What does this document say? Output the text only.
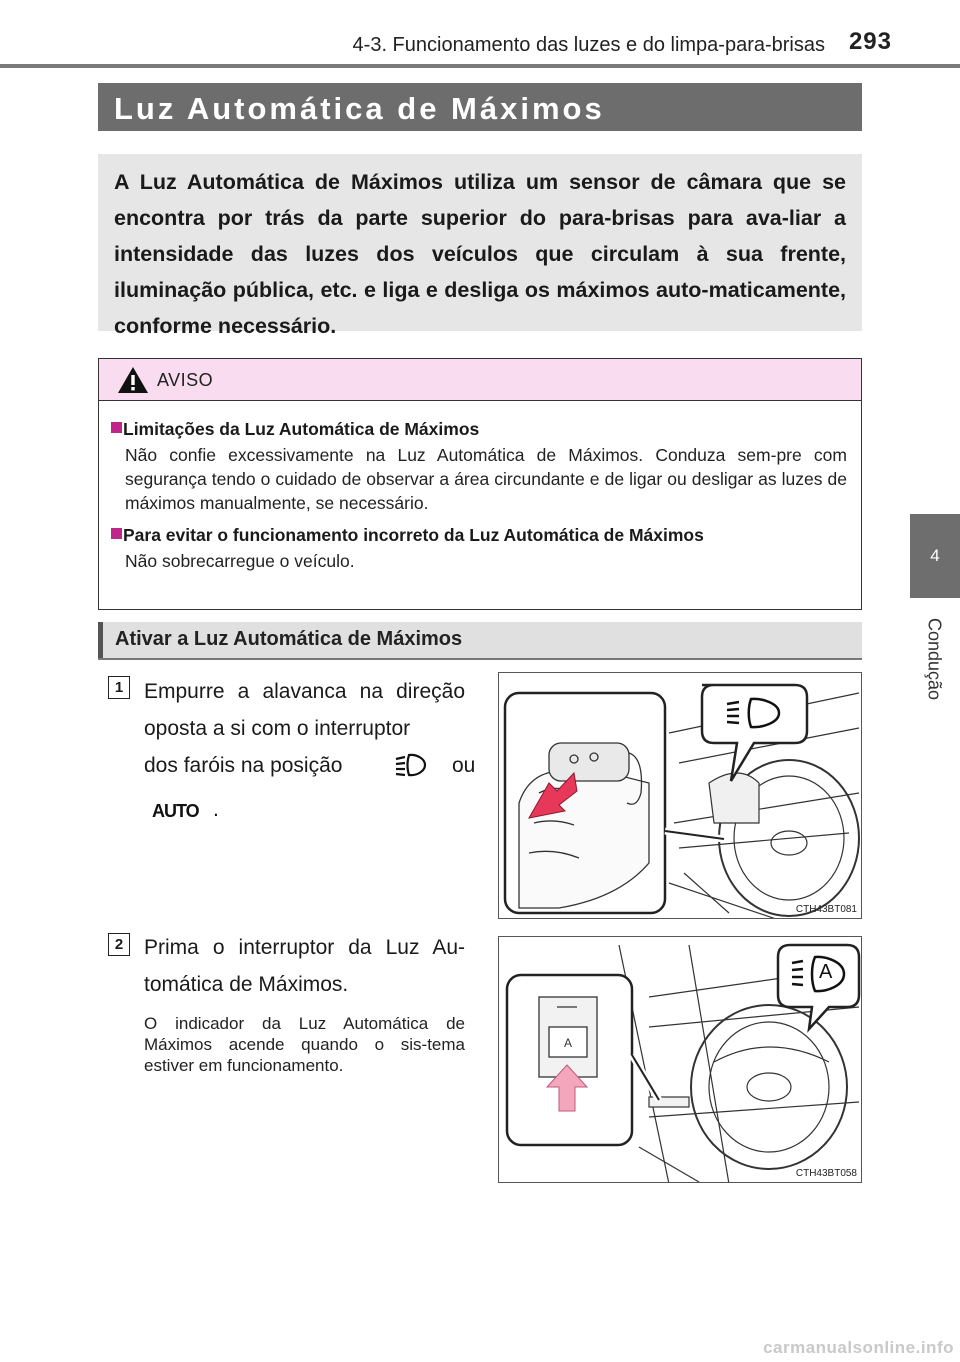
4-3. Funcionamento das luzes e do limpa-para-brisas 293
4
Condução
Luz Automática de Máximos

A Luz Automática de Máximos utiliza um sensor de câmara que se encontra por trás da parte superior do para-brisas para ava-liar a intensidade das luzes dos veículos que circulam à sua frente, iluminação pública, etc. e liga e desliga os máximos auto-maticamente, conforme necessário.

AVISO
Limitações da Luz Automática de Máximos
Não confie excessivamente na Luz Automática de Máximos. Conduza sem-pre com segurança tendo o cuidado de observar a área circundante e de ligar ou desligar as luzes de máximos manualmente, se necessário.
Para evitar o funcionamento incorreto da Luz Automática de Máximos
Não sobrecarregue o veículo.
Ativar a Luz Automática de Máximos
1 Empurre a alavanca na direção oposta a si com o interruptor
dos faróis na posição	ou
AUTO .
CTH43BT081
2 Prima o interruptor da Luz Au-tomática de Máximos.
O indicador da Luz Automática de Máximos acende quando o sis-tema estiver em funcionamento.
A
A
CTH43BT058
carmanualsonline.info
